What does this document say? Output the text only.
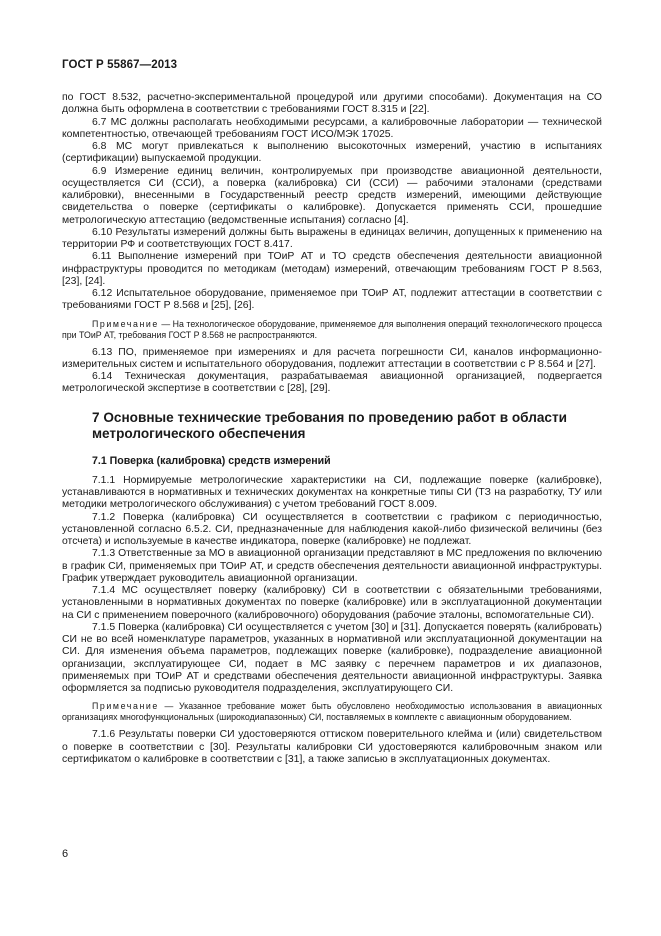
ГОСТ Р 55867—2013

по ГОСТ 8.532, расчетно-экспериментальной процедурой или другими способами). Документация на СО должна быть оформлена в соответствии с требованиями ГОСТ 8.315 и [22].

6.7 МС должны располагать необходимыми ресурсами, а калибровочные лаборатории — технической компетентностью, отвечающей требованиям ГОСТ ИСО/МЭК 17025.

6.8 МС могут привлекаться к выполнению высокоточных измерений, участию в испытаниях (сертификации) выпускаемой продукции.

6.9 Измерение единиц величин, контролируемых при производстве авиационной деятельности, осуществляется СИ (ССИ), а поверка (калибровка) СИ (ССИ) — рабочими эталонами (средствами калибровки), внесенными в Государственный реестр средств измерений, имеющими действующие свидетельства о поверке (сертификаты о калибровке). Допускается применять ССИ, прошедшие метрологическую аттестацию (ведомственные испытания) согласно [4].

6.10 Результаты измерений должны быть выражены в единицах величин, допущенных к применению на территории РФ и соответствующих ГОСТ 8.417.

6.11 Выполнение измерений при ТОиР АТ и ТО средств обеспечения деятельности авиационной инфраструктуры проводится по методикам (методам) измерений, отвечающим требованиям ГОСТ Р 8.563, [23], [24].

6.12 Испытательное оборудование, применяемое при ТОиР АТ, подлежит аттестации в соответствии с требованиями ГОСТ Р 8.568 и [25], [26].

Примечание — На технологическое оборудование, применяемое для выполнения операций технологического процесса при ТОиР АТ, требования ГОСТ Р 8.568 не распространяются.

6.13 ПО, применяемое при измерениях и для расчета погрешности СИ, каналов информационно-измерительных систем и испытательного оборудования, подлежит аттестации в соответствии с Р 8.564 и [27].

6.14 Техническая документация, разрабатываемая авиационной организацией, подвергается метрологической экспертизе в соответствии с [28], [29].

7 Основные технические требования по проведению работ в области метрологического обеспечения
7.1 Поверка (калибровка) средств измерений

7.1.1 Нормируемые метрологические характеристики на СИ, подлежащие поверке (калибровке), устанавливаются в нормативных и технических документах на конкретные типы СИ (ТЗ на разработку, ТУ или методики метрологического обслуживания) с учетом требований ГОСТ 8.009.

7.1.2 Поверка (калибровка) СИ осуществляется в соответствии с графиком с периодичностью, установленной согласно 6.5.2. СИ, предназначенные для наблюдения какой-либо физической величины (без отсчета) и используемые в качестве индикатора, поверке (калибровке) не подлежат.

7.1.3 Ответственные за МО в авиационной организации представляют в МС предложения по включению в график СИ, применяемых при ТОиР АТ, и средств обеспечения деятельности авиационной инфраструктуры. График утверждает руководитель авиационной организации.

7.1.4 МС осуществляет поверку (калибровку) СИ в соответствии с обязательными требованиями, установленными в нормативных документах по поверке (калибровке) или в эксплуатационной документации на СИ с применением поверочного (калибровочного) оборудования (рабочие эталоны, вспомогательные СИ).

7.1.5 Поверка (калибровка) СИ осуществляется с учетом [30] и [31]. Допускается поверять (калибровать) СИ не во всей номенклатуре параметров, указанных в нормативной или эксплуатационной документации на СИ. Для изменения объема параметров, подлежащих поверке (калибровке), подразделение авиационной организации, эксплуатирующее СИ, подает в МС заявку с перечнем параметров и их диапазонов, применяемых при ТОиР АТ и средствами обеспечения деятельности авиационной инфраструктуры. Заявка оформляется за подписью руководителя подразделения, эксплуатирующего СИ.

Примечание — Указанное требование может быть обусловлено необходимостью использования в авиационных организациях многофункциональных (широкодиапазонных) СИ, поставляемых в комплекте с авиационным оборудованием.

7.1.6 Результаты поверки СИ удостоверяются оттиском поверительного клейма и (или) свидетельством о поверке в соответствии с [30]. Результаты калибровки СИ удостоверяются калибровочным знаком или сертификатом о калибровке в соответствии с [31], а также записью в эксплуатационных документах.

6
